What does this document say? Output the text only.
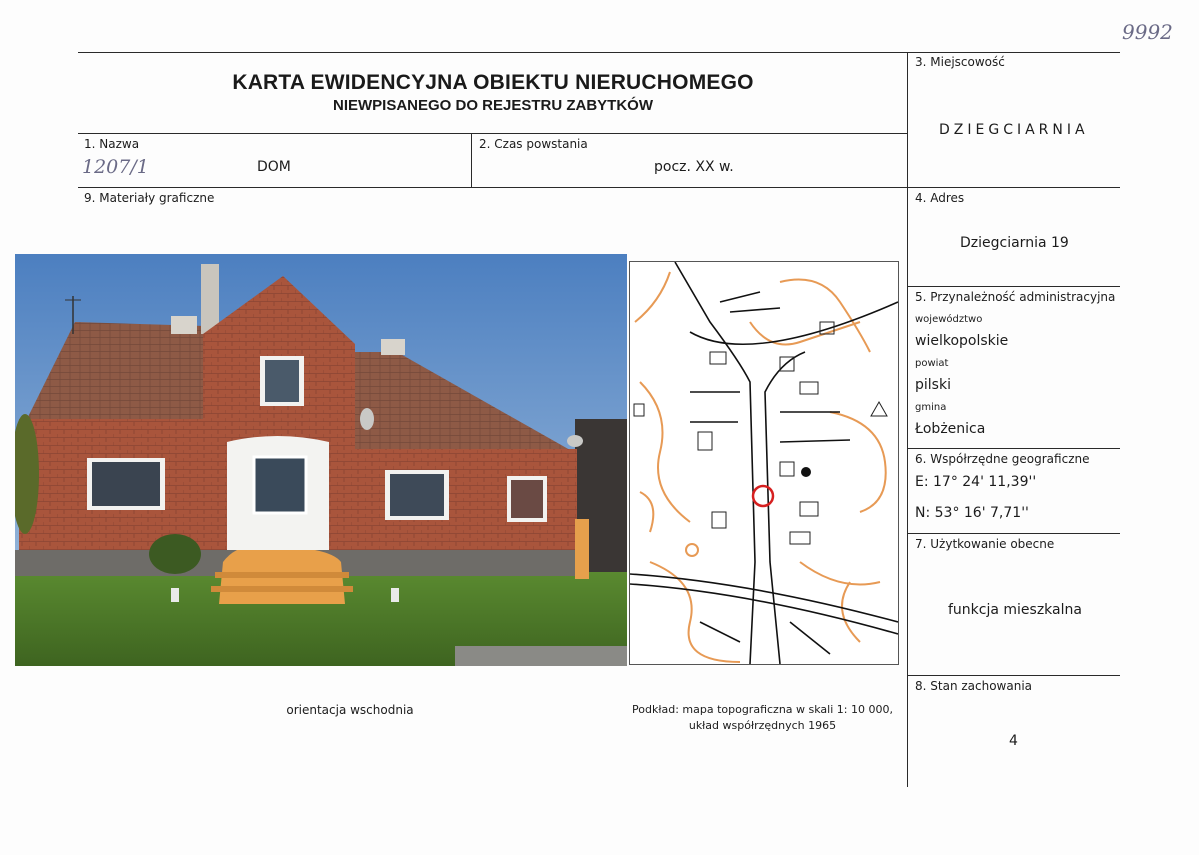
9992
KARTA EWIDENCYJNA OBIEKTU NIERUCHOMEGO
NIEWPISANEGO DO REJESTRU ZABYTKÓW
1. Nazwa
1207/1	DOM
2. Czas powstania
pocz. XX w.
3. Miejscowość
DZIEGCIARNIA
9. Materiały graficzne	4. Adres
Dziegciarnia 19
5. Przynależność administracyjna
województwo
wielkopolskie
powiat
pilski
gmina
Łobżenica
6. Współrzędne geograficzne
E: 17° 24' 11,39''
N: 53° 16' 7,71''
7. Użytkowanie obecne
funkcja mieszkalna
8. Stan zachowania
4
orientacja wschodnia	Podkład: mapa topograficzna w skali 1: 10 000,
układ współrzędnych 1965
